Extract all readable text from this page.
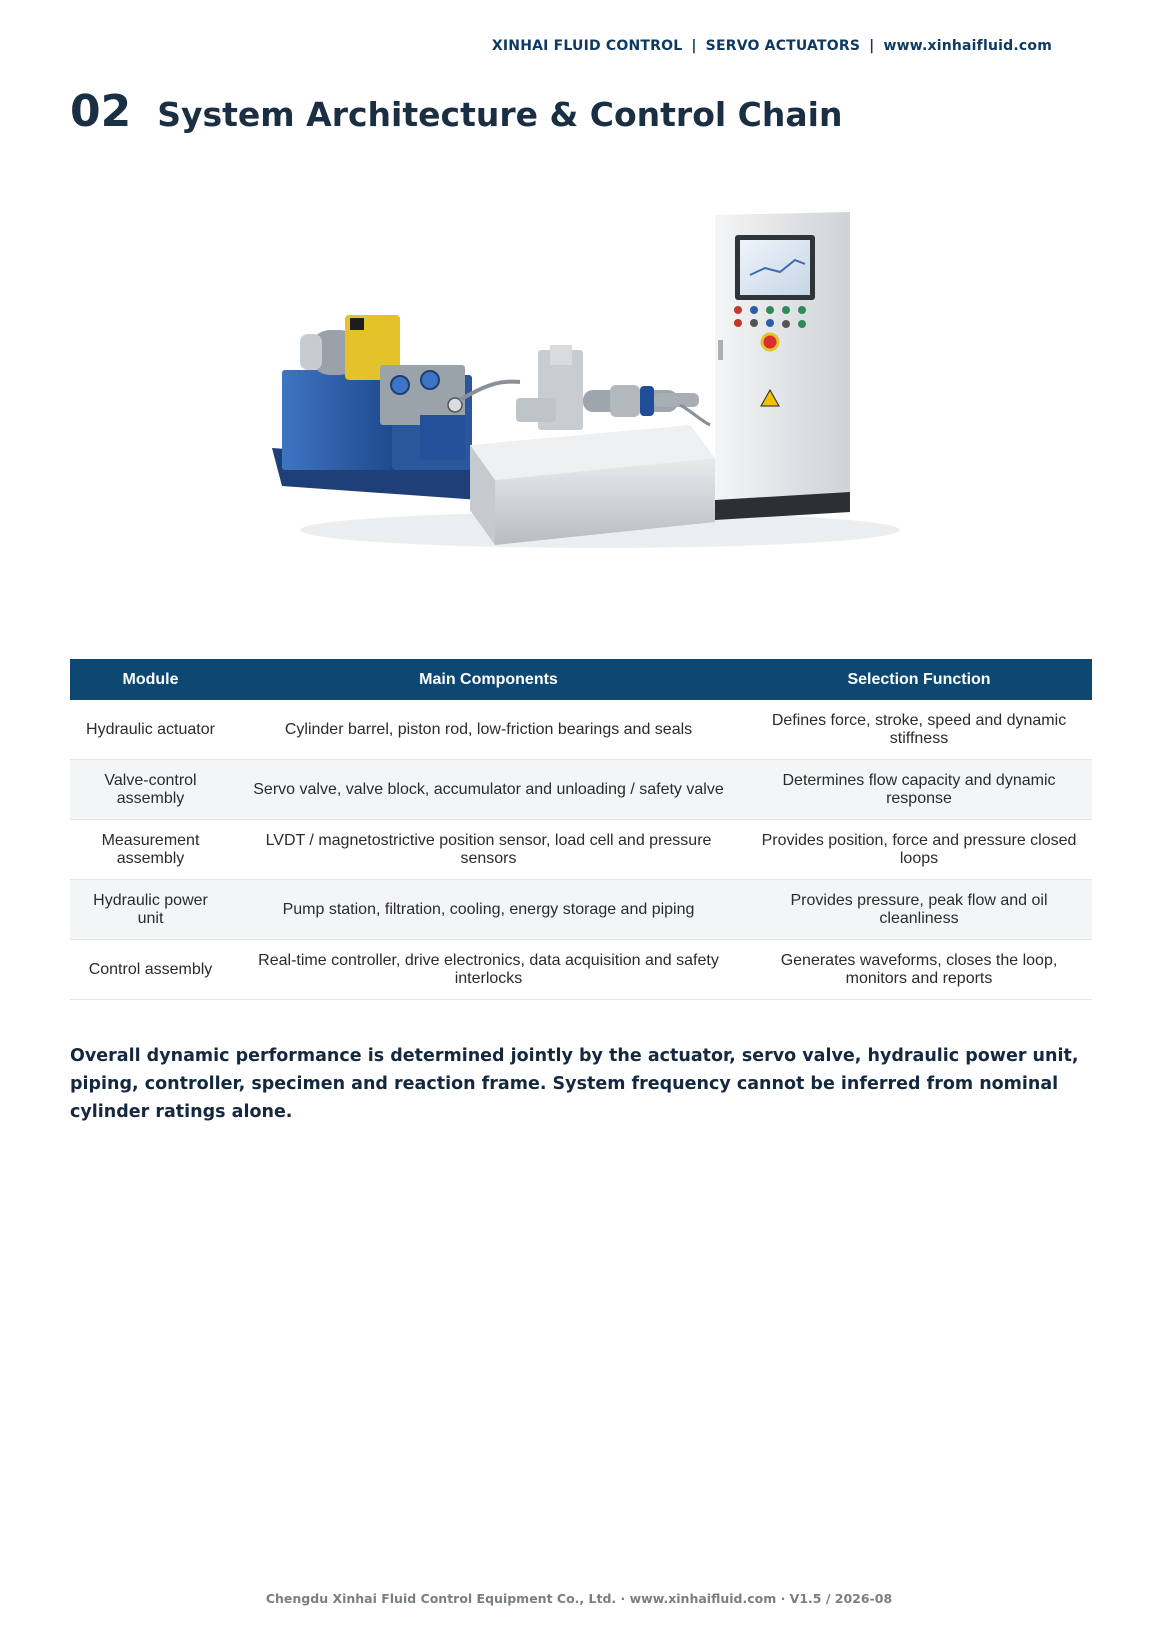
XINHAI FLUID CONTROL | SERVO ACTUATORS | www.xinhaifluid.com
02 System Architecture & Control Chain
Module	Main Components	Selection Function
Hydraulic actuator	Cylinder barrel, piston rod, low-friction bearings and seals	Defines force, stroke, speed and dynamic stiffness
Valve-control assembly	Servo valve, valve block, accumulator and unloading / safety valve	Determines flow capacity and dynamic response
Measurement assembly	LVDT / magnetostrictive position sensor, load cell and pressure sensors	Provides position, force and pressure closed loops
Hydraulic power unit	Pump station, filtration, cooling, energy storage and piping	Provides pressure, peak flow and oil cleanliness
Control assembly	Real-time controller, drive electronics, data acquisition and safety interlocks	Generates waveforms, closes the loop, monitors and reports

Overall dynamic performance is determined jointly by the actuator, servo valve, hydraulic power unit, piping, controller, specimen and reaction frame. System frequency cannot be inferred from nominal cylinder ratings alone.

Chengdu Xinhai Fluid Control Equipment Co., Ltd. · www.xinhaifluid.com · V1.5 / 2026-08
